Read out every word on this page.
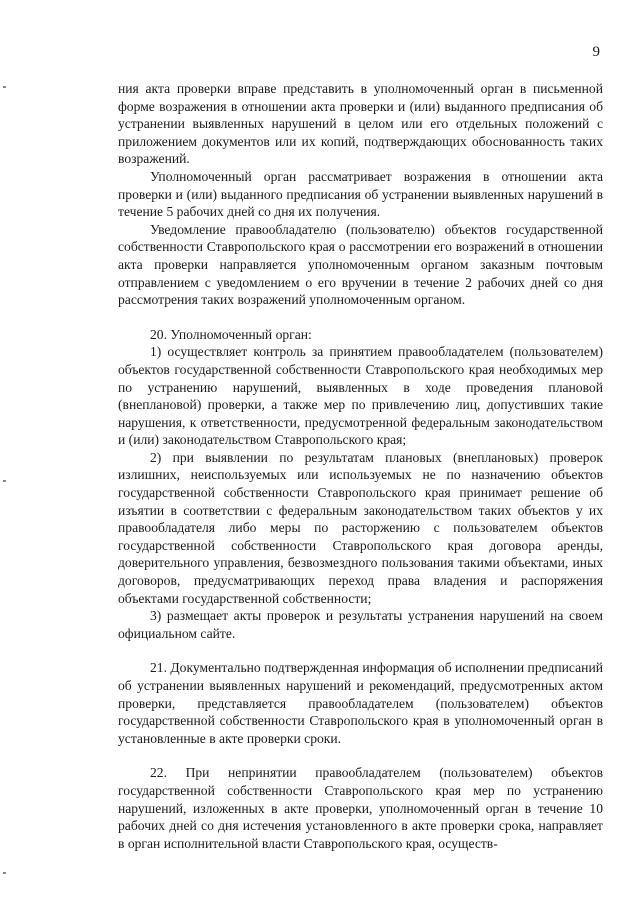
9

ния акта проверки вправе представить в уполномоченный орган в письменной форме возражения в отношении акта проверки и (или) выданного предписания об устранении выявленных нарушений в целом или его отдельных положений с приложением документов или их копий, подтверждающих обоснованность таких возражений.

Уполномоченный орган рассматривает возражения в отношении акта проверки и (или) выданного предписания об устранении выявленных нарушений в течение 5 рабочих дней со дня их получения.

Уведомление правообладателю (пользователю) объектов государственной собственности Ставропольского края о рассмотрении его возражений в отношении акта проверки направляется уполномоченным органом заказным почтовым отправлением с уведомлением о его вручении в течение 2 рабочих дней со дня рассмотрения таких возражений уполномоченным органом.

20. Уполномоченный орган:

1) осуществляет контроль за принятием правообладателем (пользователем) объектов государственной собственности Ставропольского края необходимых мер по устранению нарушений, выявленных в ходе проведения плановой (внеплановой) проверки, а также мер по привлечению лиц, допустивших такие нарушения, к ответственности, предусмотренной федеральным законодательством и (или) законодательством Ставропольского края;

2) при выявлении по результатам плановых (внеплановых) проверок излишних, неиспользуемых или используемых не по назначению объектов государственной собственности Ставропольского края принимает решение об изъятии в соответствии с федеральным законодательством таких объектов у их правообладателя либо меры по расторжению с пользователем объектов государственной собственности Ставропольского края договора аренды, доверительного управления, безвозмездного пользования такими объектами, иных договоров, предусматривающих переход права владения и распоряжения объектами государственной собственности;

3) размещает акты проверок и результаты устранения нарушений на своем официальном сайте.

21. Документально подтвержденная информация об исполнении предписаний об устранении выявленных нарушений и рекомендаций, предусмотренных актом проверки, представляется правообладателем (пользователем) объектов государственной собственности Ставропольского края в уполномоченный орган в установленные в акте проверки сроки.

22. При непринятии правообладателем (пользователем) объектов государственной собственности Ставропольского края мер по устранению нарушений, изложенных в акте проверки, уполномоченный орган в течение 10 рабочих дней со дня истечения установленного в акте проверки срока, направляет в орган исполнительной власти Ставропольского края, осуществ-
